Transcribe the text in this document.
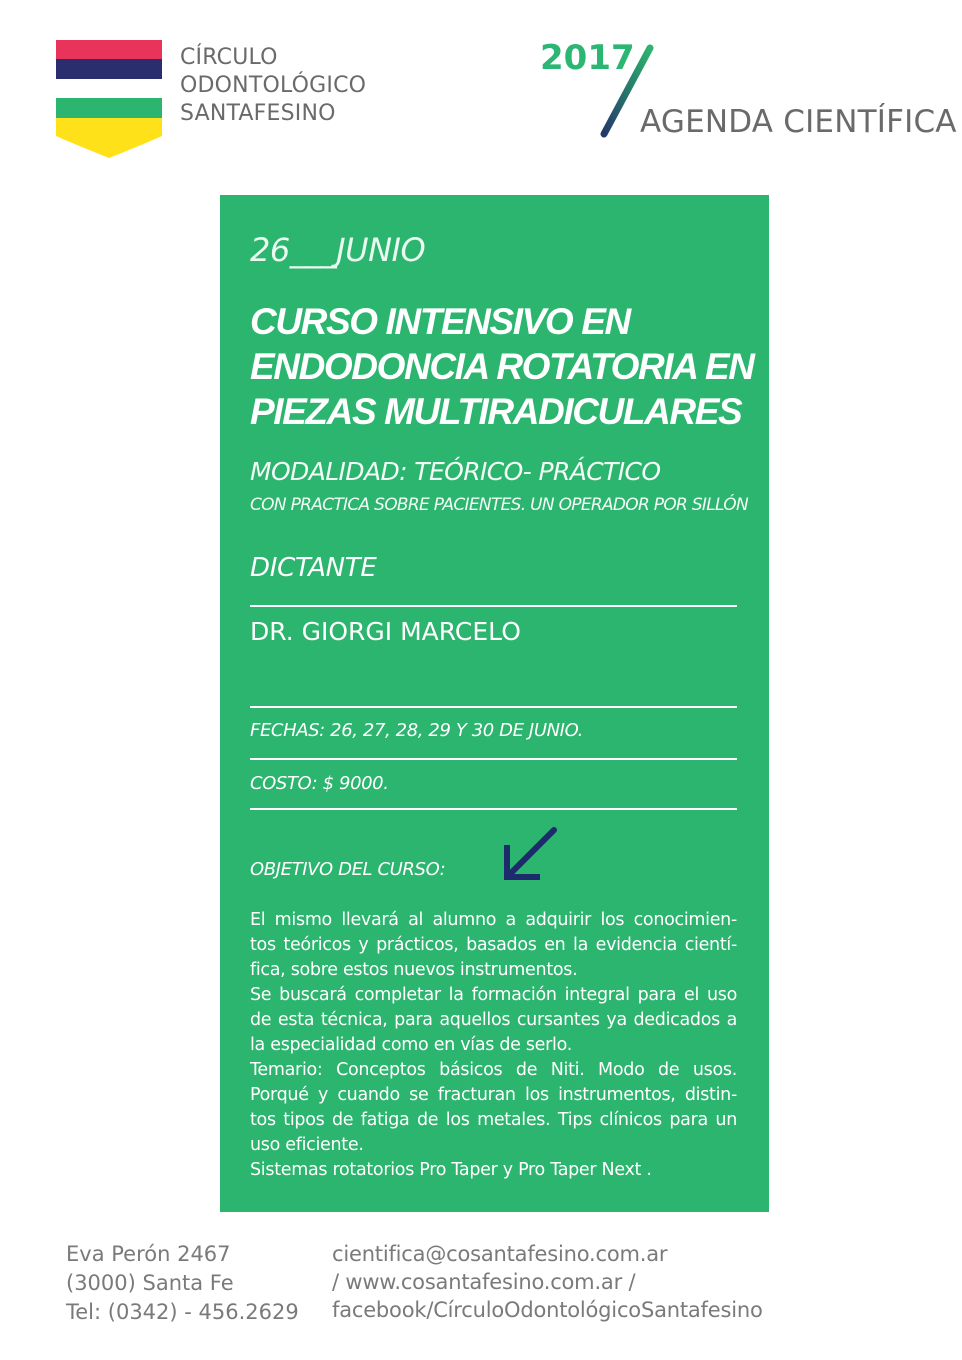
CÍRCULO
ODONTOLÓGICO
SANTAFESINO
2017
AGENDA CIENTÍFICA
26___JUNIO
CURSO INTENSIVO EN
ENDODONCIA ROTATORIA EN
PIEZAS MULTIRADICULARES
MODALIDAD: TEÓRICO- PRÁCTICO
CON PRACTICA SOBRE PACIENTES. UN OPERADOR POR SILLÓN
DICTANTE
DR. GIORGI MARCELO
FECHAS: 26, 27, 28, 29 Y 30 DE JUNIO.
COSTO: $ 9000.
OBJETIVO DEL CURSO:
El mismo llevará al alumno a adquirir los conocimien-
tos teóricos y prácticos, basados en la evidencia cientí-
fica, sobre estos nuevos instrumentos.
Se buscará completar la formación integral para el uso
de esta técnica, para aquellos cursantes ya dedicados a
la especialidad como en vías de serlo.
Temario: Conceptos básicos de Niti. Modo de usos.
Porqué y cuando se fracturan los instrumentos, distin-
tos tipos de fatiga de los metales. Tips clínicos para un
uso eficiente.
Sistemas rotatorios Pro Taper y Pro Taper Next .
Eva Perón 2467
(3000) Santa Fe
Tel: (0342) - 456.2629
cientifica@cosantafesino.com.ar
/ www.cosantafesino.com.ar /
facebook/CírculoOdontológicoSantafesino
